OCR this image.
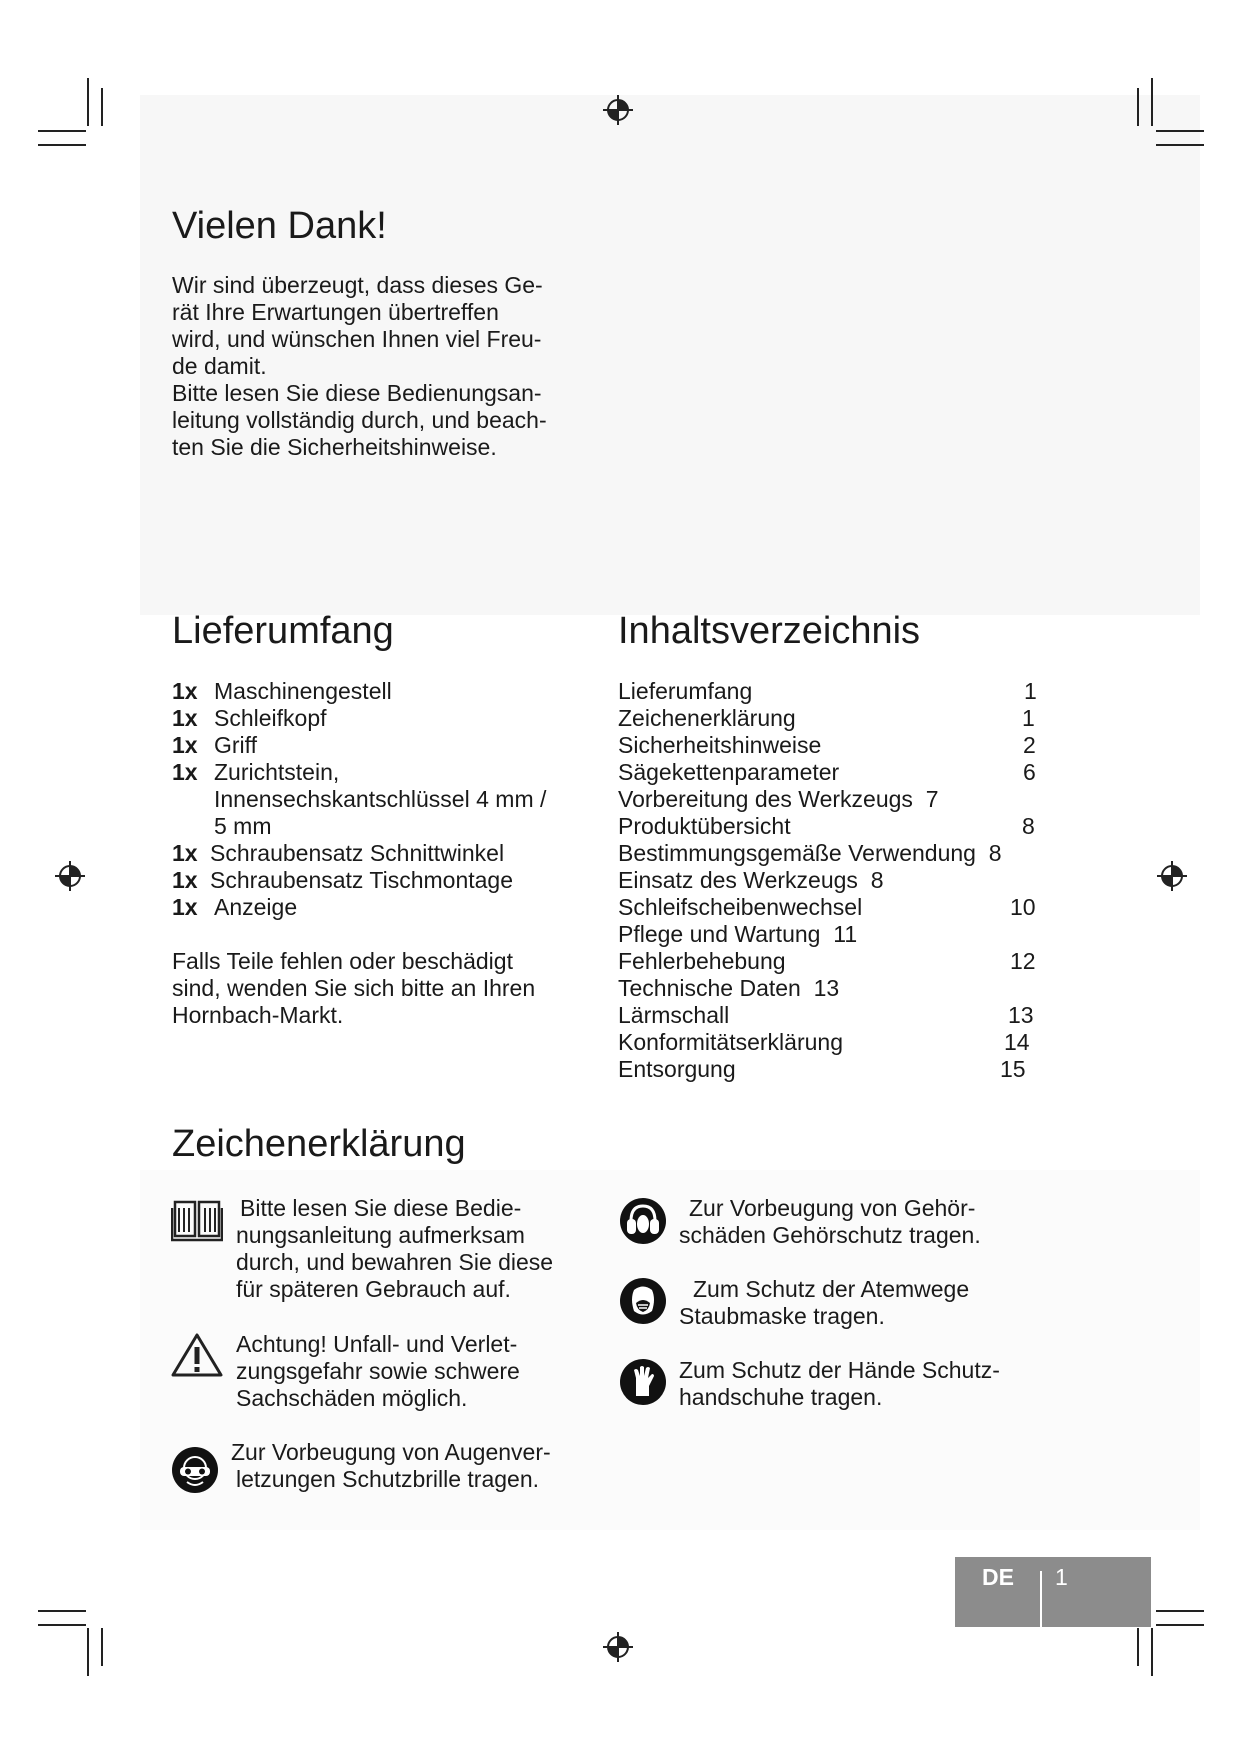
Vielen Dank!
Wir sind überzeugt, dass dieses Ge-
rät Ihre Erwartungen übertreffen
wird, und wünschen Ihnen viel Freu-
de damit.
Bitte lesen Sie diese Bedienungsan-
leitung vollständig durch, und beach-
ten Sie die Sicherheitshinweise.
Lieferumfang
1x Maschinengestell
1x Schleifkopf
1x Griff
1x Zurichtstein,
Innensechskantschlüssel 4 mm /
5 mm
1x Schraubensatz Schnittwinkel
1x Schraubensatz Tischmontage
1x Anzeige
Falls Teile fehlen oder beschädigt
sind, wenden Sie sich bitte an Ihren
Hornbach-Markt.
Inhaltsverzeichnis
Lieferumfang	1
Zeichenerklärung	1
Sicherheitshinweise	2
Sägekettenparameter	6
Vorbereitung des Werkzeugs 7
Produktübersicht	8
Bestimmungsgemäße Verwendung 8
Einsatz des Werkzeugs 8
Schleifscheibenwechsel	10
Pflege und Wartung 11
Fehlerbehebung	12
Technische Daten 13
Lärmschall	13
Konformitätserklärung	14
Entsorgung	15
Zeichenerklärung
Bitte lesen Sie diese Bedie-
nungsanleitung aufmerksam
durch, und bewahren Sie diese
für späteren Gebrauch auf.
Achtung! Unfall- und Verlet-
zungsgefahr sowie schwere
Sachschäden möglich.
Zur Vorbeugung von Augenver-
letzungen Schutzbrille tragen.
Zur Vorbeugung von Gehör-
schäden Gehörschutz tragen.
Zum Schutz der Atemwege
Staubmaske tragen.
Zum Schutz der Hände Schutz-
handschuhe tragen.
DE	1
